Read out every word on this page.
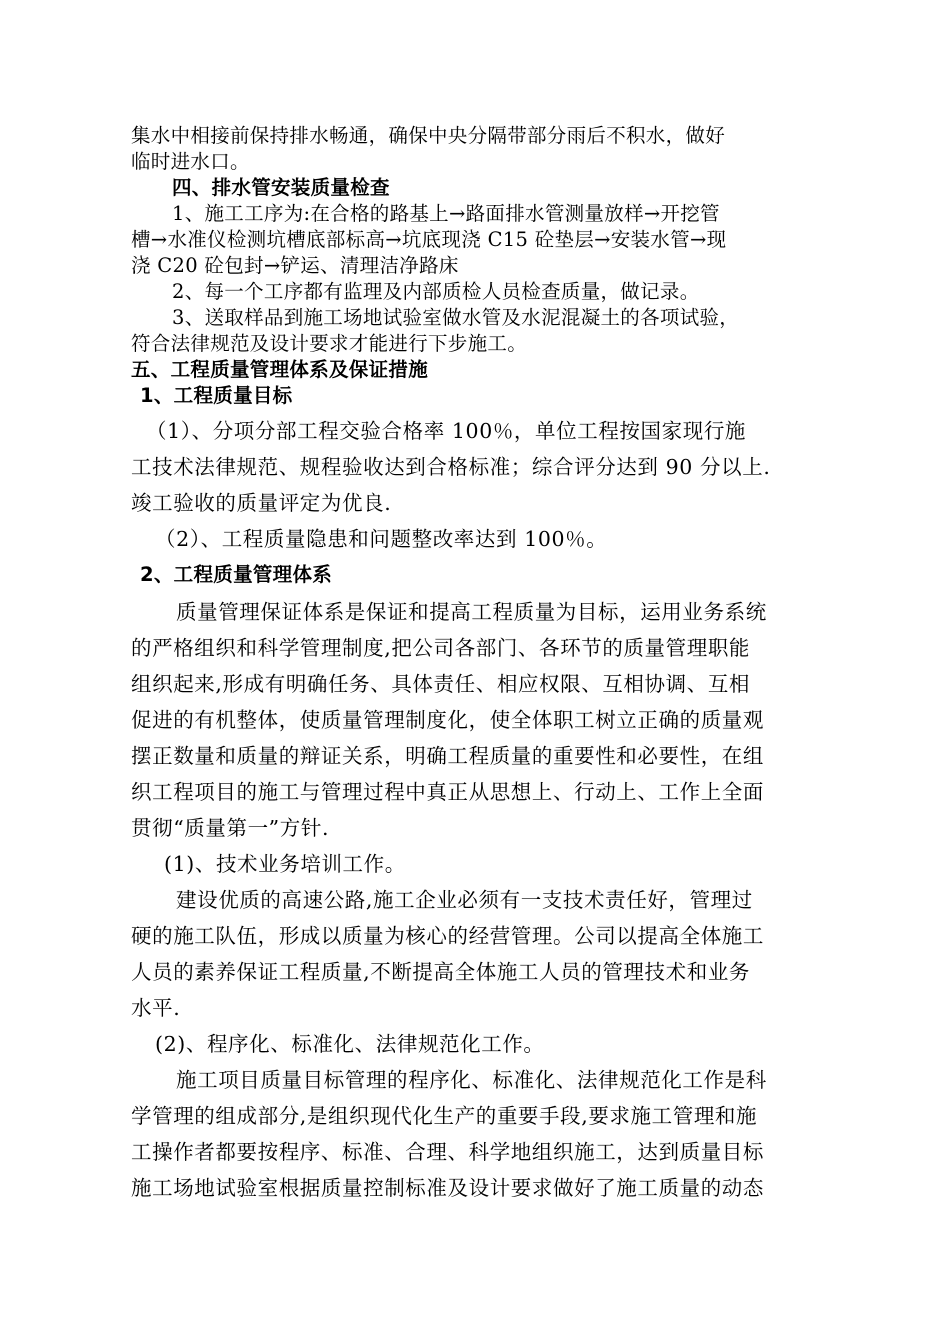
集水中相接前保持排水畅通，确保中央分隔带部分雨后不积水，做好
临时进水口。
四、排水管安装质量检查
1、施工工序为:在合格的路基上→路面排水管测量放样→开挖管
槽→水准仪检测坑槽底部标高→坑底现浇 C15 砼垫层→安装水管→现
浇 C20 砼包封→铲运、清理洁净路床
2、每一个工序都有监理及内部质检人员检查质量，做记录。
3、送取样品到施工场地试验室做水管及水泥混凝土的各项试验，
符合法律规范及设计要求才能进行下步施工。
五、工程质量管理体系及保证措施
1、工程质量目标
（1）、分项分部工程交验合格率 100％，单位工程按国家现行施
工技术法律规范、规程验收达到合格标准；综合评分达到 90 分以上.
竣工验收的质量评定为优良.
（2）、工程质量隐患和问题整改率达到 100％。
2、工程质量管理体系
质量管理保证体系是保证和提高工程质量为目标，运用业务系统
的严格组织和科学管理制度,把公司各部门、各环节的质量管理职能
组织起来,形成有明确任务、具体责任、相应权限、互相协调、互相
促进的有机整体，使质量管理制度化，使全体职工树立正确的质量观
摆正数量和质量的辩证关系，明确工程质量的重要性和必要性，在组
织工程项目的施工与管理过程中真正从思想上、行动上、工作上全面
贯彻“质量第一”方针.
(1)、技术业务培训工作。
建设优质的高速公路,施工企业必须有一支技术责任好，管理过
硬的施工队伍，形成以质量为核心的经营管理。公司以提高全体施工
人员的素养保证工程质量,不断提高全体施工人员的管理技术和业务
水平.
(2)、程序化、标准化、法律规范化工作。
施工项目质量目标管理的程序化、标准化、法律规范化工作是科
学管理的组成部分,是组织现代化生产的重要手段,要求施工管理和施
工操作者都要按程序、标准、合理、科学地组织施工，达到质量目标
施工场地试验室根据质量控制标准及设计要求做好了施工质量的动态
